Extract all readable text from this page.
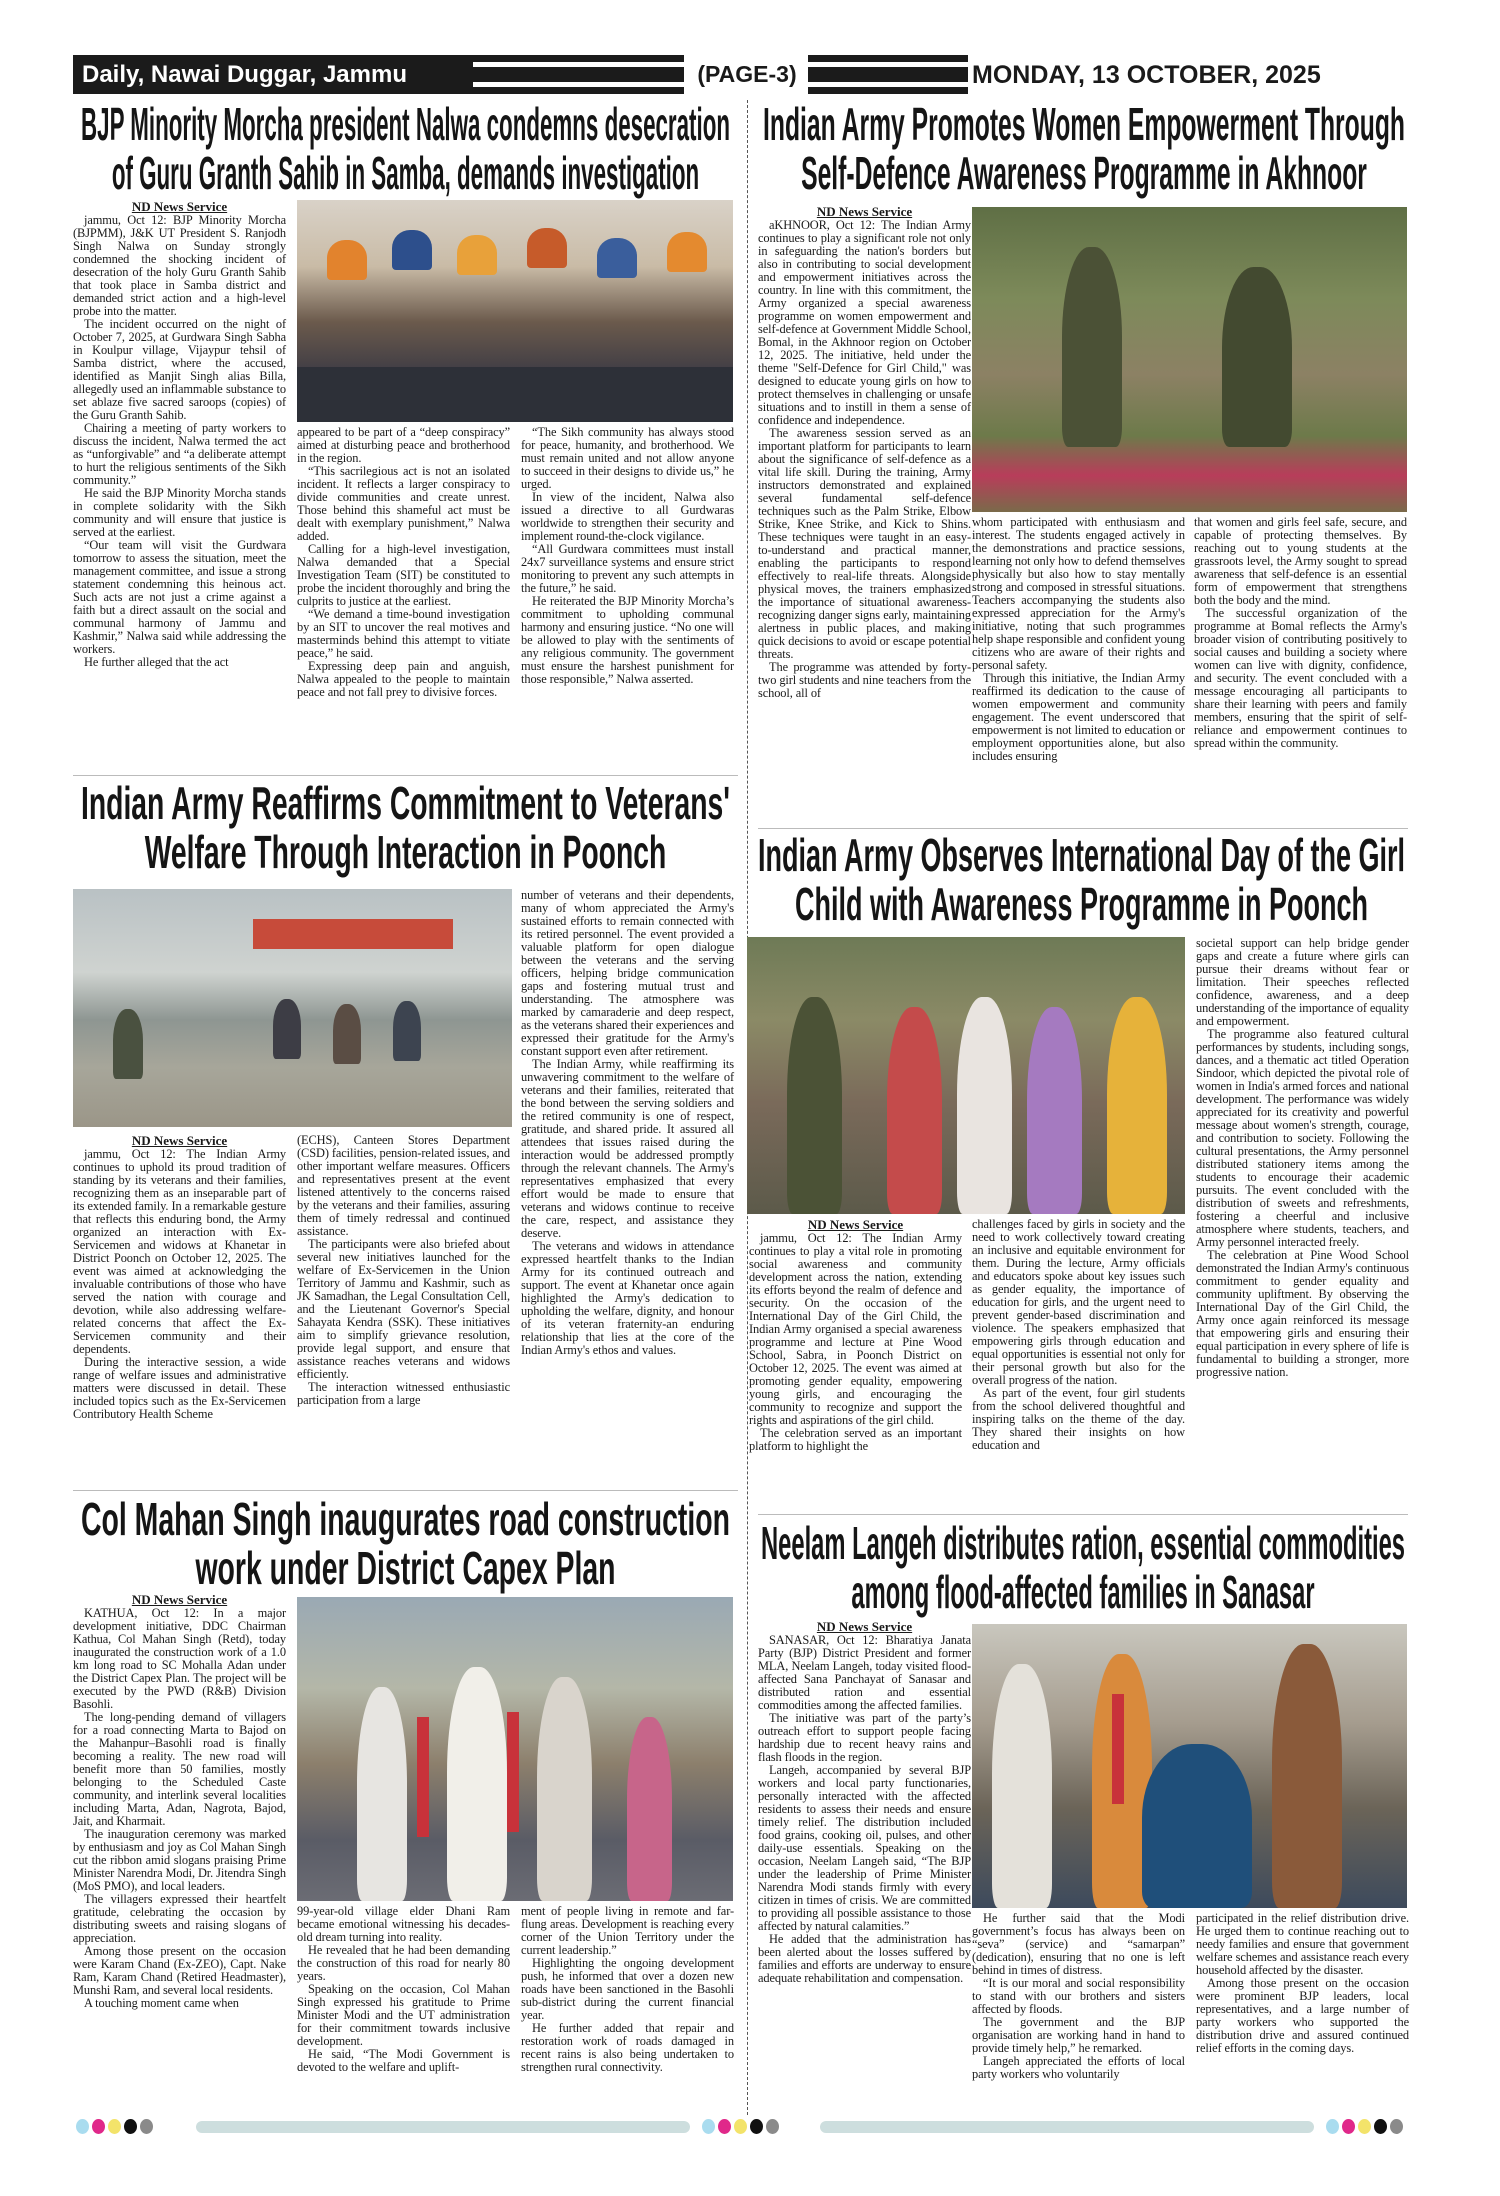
Daily, Nawai Duggar, Jammu	(PAGE-3)	MONDAY, 13 OCTOBER, 2025
BJP Minority Morcha president Nalwa condemns desecration
of Guru Granth Sahib in Samba, demands investigation
ND News Service

jammu, Oct 12: BJP Minority Morcha (BJPMM), J&K UT President S. Ranjodh Singh Nalwa on Sunday strongly condemned the shocking incident of desecration of the holy Guru Granth Sahib that took place in Samba district and demanded strict action and a high-level probe into the matter.

The incident occurred on the night of October 7, 2025, at Gurdwara Singh Sabha in Koulpur village, Vijaypur tehsil of Samba district, where the accused, identified as Manjit Singh alias Billa, allegedly used an inflammable substance to set ablaze five sacred saroops (copies) of the Guru Granth Sahib.

Chairing a meeting of party workers to discuss the incident, Nalwa termed the act as “unforgivable” and “a deliberate attempt to hurt the religious sentiments of the Sikh community.”

He said the BJP Minority Morcha stands in complete solidarity with the Sikh community and will ensure that justice is served at the earliest.

“Our team will visit the Gurdwara tomorrow to assess the situation, meet the management committee, and issue a strong statement condemning this heinous act. Such acts are not just a crime against a faith but a direct assault on the social and communal harmony of Jammu and Kashmir,” Nalwa said while addressing the workers.

He further alleged that the act

appeared to be part of a “deep conspiracy” aimed at disturbing peace and brotherhood in the region.

“This sacrilegious act is not an isolated incident. It reflects a larger conspiracy to divide communities and create unrest. Those behind this shameful act must be dealt with exemplary punishment,” Nalwa added.

Calling for a high-level investigation, Nalwa demanded that a Special Investigation Team (SIT) be constituted to probe the incident thoroughly and bring the culprits to justice at the earliest.

“We demand a time-bound investigation by an SIT to uncover the real motives and masterminds behind this attempt to vitiate peace,” he said.

Expressing deep pain and anguish, Nalwa appealed to the people to maintain peace and not fall prey to divisive forces.

“The Sikh community has always stood for peace, humanity, and brotherhood. We must remain united and not allow anyone to succeed in their designs to divide us,” he urged.

In view of the incident, Nalwa also issued a directive to all Gurdwaras worldwide to strengthen their security and implement round-the-clock vigilance.

“All Gurdwara committees must install 24x7 surveillance systems and ensure strict monitoring to prevent any such attempts in the future,” he said.

He reiterated the BJP Minority Morcha’s commitment to upholding communal harmony and ensuring justice. “No one will be allowed to play with the sentiments of any religious community. The government must ensure the harshest punishment for those responsible,” Nalwa asserted.

Indian Army Promotes Women Empowerment Through
Self-Defence Awareness Programme in Akhnoor
ND News Service

aKHNOOR, Oct 12: The Indian Army continues to play a significant role not only in safeguarding the nation's borders but also in contributing to social development and empowerment initiatives across the country. In line with this commitment, the Army organized a special awareness programme on women empowerment and self-defence at Government Middle School, Bomal, in the Akhnoor region on October 12, 2025. The initiative, held under the theme "Self-Defence for Girl Child," was designed to educate young girls on how to protect themselves in challenging or unsafe situations and to instill in them a sense of confidence and independence.

The awareness session served as an important platform for participants to learn about the significance of self-defence as a vital life skill. During the training, Army instructors demonstrated and explained several fundamental self-defence techniques such as the Palm Strike, Elbow Strike, Knee Strike, and Kick to Shins. These techniques were taught in an easy-to-understand and practical manner, enabling the participants to respond effectively to real-life threats. Alongside physical moves, the trainers emphasized the importance of situational awareness-recognizing danger signs early, maintaining alertness in public places, and making quick decisions to avoid or escape potential threats.

The programme was attended by forty-two girl students and nine teachers from the school, all of

whom participated with enthusiasm and interest. The students engaged actively in the demonstrations and practice sessions, learning not only how to defend themselves physically but also how to stay mentally strong and composed in stressful situations. Teachers accompanying the students also expressed appreciation for the Army's initiative, noting that such programmes help shape responsible and confident young citizens who are aware of their rights and personal safety.

Through this initiative, the Indian Army reaffirmed its dedication to the cause of women empowerment and community engagement. The event underscored that empowerment is not limited to education or employment opportunities alone, but also includes ensuring

that women and girls feel safe, secure, and capable of protecting themselves. By reaching out to young students at the grassroots level, the Army sought to spread awareness that self-defence is an essential form of empowerment that strengthens both the body and the mind.

The successful organization of the programme at Bomal reflects the Army's broader vision of contributing positively to social causes and building a society where women can live with dignity, confidence, and security. The event concluded with a message encouraging all participants to share their learning with peers and family members, ensuring that the spirit of self-reliance and empowerment continues to spread within the community.

Indian Army Reaffirms Commitment to Veterans'
Welfare Through Interaction in Poonch
ND News Service

jammu, Oct 12: The Indian Army continues to uphold its proud tradition of standing by its veterans and their families, recognizing them as an inseparable part of its extended family. In a remarkable gesture that reflects this enduring bond, the Army organized an interaction with Ex-Servicemen and widows at Khanetar in District Poonch on October 12, 2025. The event was aimed at acknowledging the invaluable contributions of those who have served the nation with courage and devotion, while also addressing welfare-related concerns that affect the Ex-Servicemen community and their dependents.

During the interactive session, a wide range of welfare issues and administrative matters were discussed in detail. These included topics such as the Ex-Servicemen Contributory Health Scheme

(ECHS), Canteen Stores Department (CSD) facilities, pension-related issues, and other important welfare measures. Officers and representatives present at the event listened attentively to the concerns raised by the veterans and their families, assuring them of timely redressal and continued assistance.

The participants were also briefed about several new initiatives launched for the welfare of Ex-Servicemen in the Union Territory of Jammu and Kashmir, such as JK Samadhan, the Legal Consultation Cell, and the Lieutenant Governor's Special Sahayata Kendra (SSK). These initiatives aim to simplify grievance resolution, provide legal support, and ensure that assistance reaches veterans and widows efficiently.

The interaction witnessed enthusiastic participation from a large

number of veterans and their dependents, many of whom appreciated the Army's sustained efforts to remain connected with its retired personnel. The event provided a valuable platform for open dialogue between the veterans and the serving officers, helping bridge communication gaps and fostering mutual trust and understanding. The atmosphere was marked by camaraderie and deep respect, as the veterans shared their experiences and expressed their gratitude for the Army's constant support even after retirement.

The Indian Army, while reaffirming its unwavering commitment to the welfare of veterans and their families, reiterated that the bond between the serving soldiers and the retired community is one of respect, gratitude, and shared pride. It assured all attendees that issues raised during the interaction would be addressed promptly through the relevant channels. The Army's representatives emphasized that every effort would be made to ensure that veterans and widows continue to receive the care, respect, and assistance they deserve.

The veterans and widows in attendance expressed heartfelt thanks to the Indian Army for its continued outreach and support. The event at Khanetar once again highlighted the Army's dedication to upholding the welfare, dignity, and honour of its veteran fraternity-an enduring relationship that lies at the core of the Indian Army's ethos and values.

Indian Army Observes International Day of the Girl
Child with Awareness Programme in Poonch
ND News Service

jammu, Oct 12: The Indian Army continues to play a vital role in promoting social awareness and community development across the nation, extending its efforts beyond the realm of defence and security. On the occasion of the International Day of the Girl Child, the Indian Army organised a special awareness programme and lecture at Pine Wood School, Sabra, in Poonch District on October 12, 2025. The event was aimed at promoting gender equality, empowering young girls, and encouraging the community to recognize and support the rights and aspirations of the girl child.

The celebration served as an important platform to highlight the

challenges faced by girls in society and the need to work collectively toward creating an inclusive and equitable environment for them. During the lecture, Army officials and educators spoke about key issues such as gender equality, the importance of education for girls, and the urgent need to prevent gender-based discrimination and violence. The speakers emphasized that empowering girls through education and equal opportunities is essential not only for their personal growth but also for the overall progress of the nation.

As part of the event, four girl students from the school delivered thoughtful and inspiring talks on the theme of the day. They shared their insights on how education and

societal support can help bridge gender gaps and create a future where girls can pursue their dreams without fear or limitation. Their speeches reflected confidence, awareness, and a deep understanding of the importance of equality and empowerment.

The programme also featured cultural performances by students, including songs, dances, and a thematic act titled Operation Sindoor, which depicted the pivotal role of women in India's armed forces and national development. The performance was widely appreciated for its creativity and powerful message about women's strength, courage, and contribution to society. Following the cultural presentations, the Army personnel distributed stationery items among the students to encourage their academic pursuits. The event concluded with the distribution of sweets and refreshments, fostering a cheerful and inclusive atmosphere where students, teachers, and Army personnel interacted freely.

The celebration at Pine Wood School demonstrated the Indian Army's continuous commitment to gender equality and community upliftment. By observing the International Day of the Girl Child, the Army once again reinforced its message that empowering girls and ensuring their equal participation in every sphere of life is fundamental to building a stronger, more progressive nation.

Col Mahan Singh inaugurates road construction
work under District Capex Plan
ND News Service

KATHUA, Oct 12: In a major development initiative, DDC Chairman Kathua, Col Mahan Singh (Retd), today inaugurated the construction work of a 1.0 km long road to SC Mohalla Adan under the District Capex Plan. The project will be executed by the PWD (R&B) Division Basohli.

The long-pending demand of villagers for a road connecting Marta to Bajod on the Mahanpur–Basohli road is finally becoming a reality. The new road will benefit more than 50 families, mostly belonging to the Scheduled Caste community, and interlink several localities including Marta, Adan, Nagrota, Bajod, Jait, and Kharmait.

The inauguration ceremony was marked by enthusiasm and joy as Col Mahan Singh cut the ribbon amid slogans praising Prime Minister Narendra Modi, Dr. Jitendra Singh (MoS PMO), and local leaders.

The villagers expressed their heartfelt gratitude, celebrating the occasion by distributing sweets and raising slogans of appreciation.

Among those present on the occasion were Karam Chand (Ex-ZEO), Capt. Nake Ram, Karam Chand (Retired Headmaster), Munshi Ram, and several local residents.

A touching moment came when

99-year-old village elder Dhani Ram became emotional witnessing his decades-old dream turning into reality.

He revealed that he had been demanding the construction of this road for nearly 80 years.

Speaking on the occasion, Col Mahan Singh expressed his gratitude to Prime Minister Modi and the UT administration for their commitment towards inclusive development.

He said, “The Modi Government is devoted to the welfare and uplift-

ment of people living in remote and far-flung areas. Development is reaching every corner of the Union Territory under the current leadership.”

Highlighting the ongoing development push, he informed that over a dozen new roads have been sanctioned in the Basohli sub-district during the current financial year.

He further added that repair and restoration work of roads damaged in recent rains is also being undertaken to strengthen rural connectivity.

Neelam Langeh distributes ration, essential commodities
among flood-affected families in Sanasar
ND News Service

SANASAR, Oct 12: Bharatiya Janata Party (BJP) District President and former MLA, Neelam Langeh, today visited flood-affected Sana Panchayat of Sanasar and distributed ration and essential commodities among the affected families.

The initiative was part of the party’s outreach effort to support people facing hardship due to recent heavy rains and flash floods in the region.

Langeh, accompanied by several BJP workers and local party functionaries, personally interacted with the affected residents to assess their needs and ensure timely relief. The distribution included food grains, cooking oil, pulses, and other daily-use essentials. Speaking on the occasion, Neelam Langeh said, “The BJP under the leadership of Prime Minister Narendra Modi stands firmly with every citizen in times of crisis. We are committed to providing all possible assistance to those affected by natural calamities.”

He added that the administration has been alerted about the losses suffered by families and efforts are underway to ensure adequate rehabilitation and compensation.

He further said that the Modi government’s focus has always been on “seva” (service) and “samarpan” (dedication), ensuring that no one is left behind in times of distress.

“It is our moral and social responsibility to stand with our brothers and sisters affected by floods.

The government and the BJP organisation are working hand in hand to provide timely help,” he remarked.

Langeh appreciated the efforts of local party workers who voluntarily

participated in the relief distribution drive. He urged them to continue reaching out to needy families and ensure that government welfare schemes and assistance reach every household affected by the disaster.

Among those present on the occasion were prominent BJP leaders, local representatives, and a large number of party workers who supported the distribution drive and assured continued relief efforts in the coming days.
